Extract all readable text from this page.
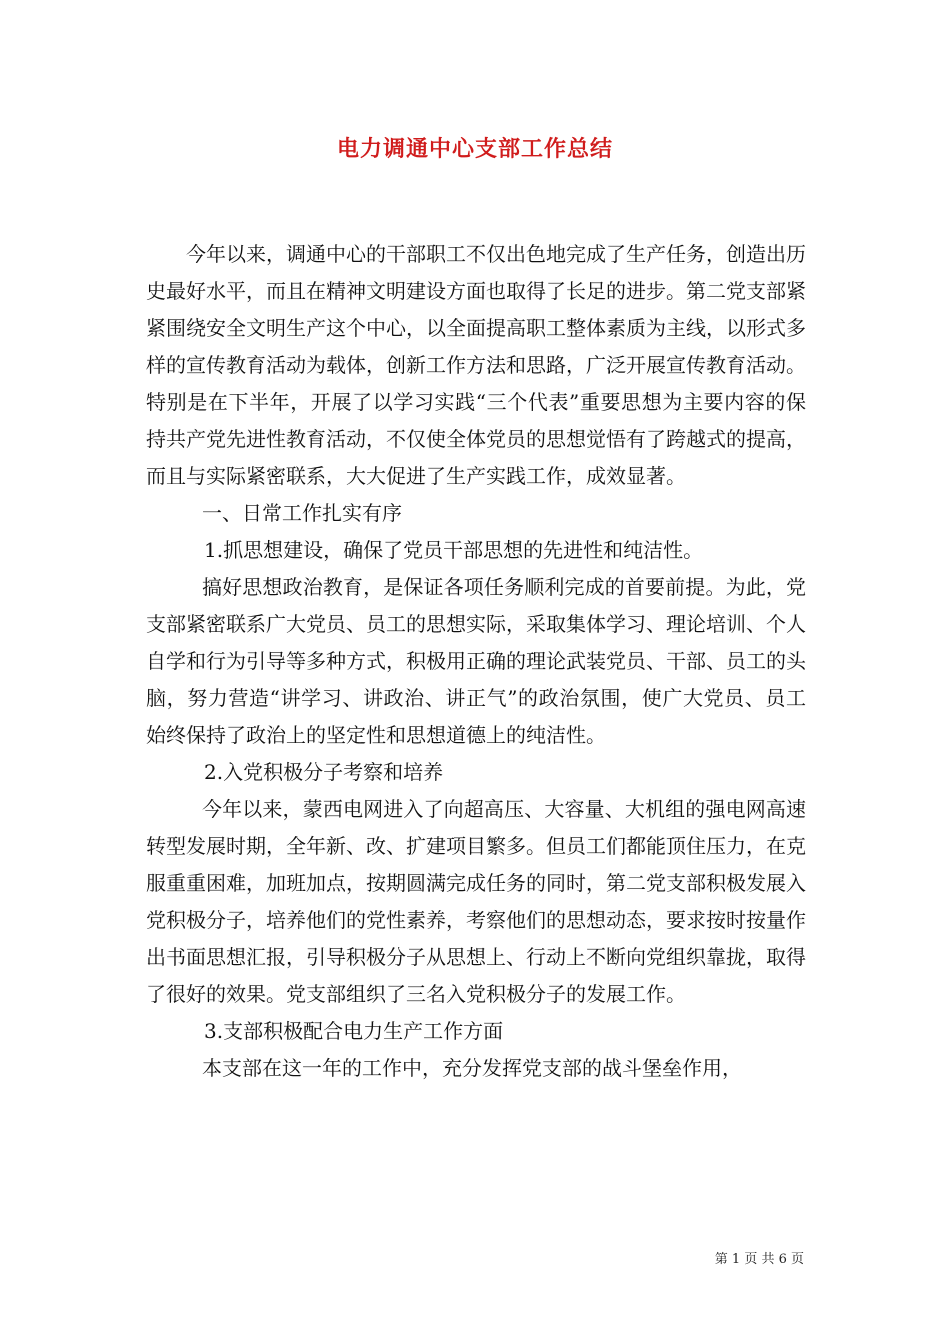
电力调通中心支部工作总结

今年以来，调通中心的干部职工不仅出色地完成了生产任务，创造出历史最好水平，而且在精神文明建设方面也取得了长足的进步。第二党支部紧紧围绕安全文明生产这个中心，以全面提高职工整体素质为主线，以形式多样的宣传教育活动为载体，创新工作方法和思路，广泛开展宣传教育活动。特别是在下半年，开展了以学习实践“三个代表”重要思想为主要内容的保持共产党先进性教育活动，不仅使全体党员的思想觉悟有了跨越式的提高，而且与实际紧密联系，大大促进了生产实践工作，成效显著。

一、日常工作扎实有序

1.抓思想建设，确保了党员干部思想的先进性和纯洁性。

搞好思想政治教育，是保证各项任务顺利完成的首要前提。为此，党支部紧密联系广大党员、员工的思想实际，采取集体学习、理论培训、个人自学和行为引导等多种方式，积极用正确的理论武装党员、干部、员工的头脑，努力营造“讲学习、讲政治、讲正气”的政治氛围，使广大党员、员工始终保持了政治上的坚定性和思想道德上的纯洁性。

2.入党积极分子考察和培养

今年以来，蒙西电网进入了向超高压、大容量、大机组的强电网高速转型发展时期，全年新、改、扩建项目繁多。但员工们都能顶住压力，在克服重重困难，加班加点，按期圆满完成任务的同时，第二党支部积极发展入党积极分子，培养他们的党性素养，考察他们的思想动态，要求按时按量作出书面思想汇报，引导积极分子从思想上、行动上不断向党组织靠拢，取得了很好的效果。党支部组织了三名入党积极分子的发展工作。

3.支部积极配合电力生产工作方面

本支部在这一年的工作中，充分发挥党支部的战斗堡垒作用，

第 1 页 共 6 页
